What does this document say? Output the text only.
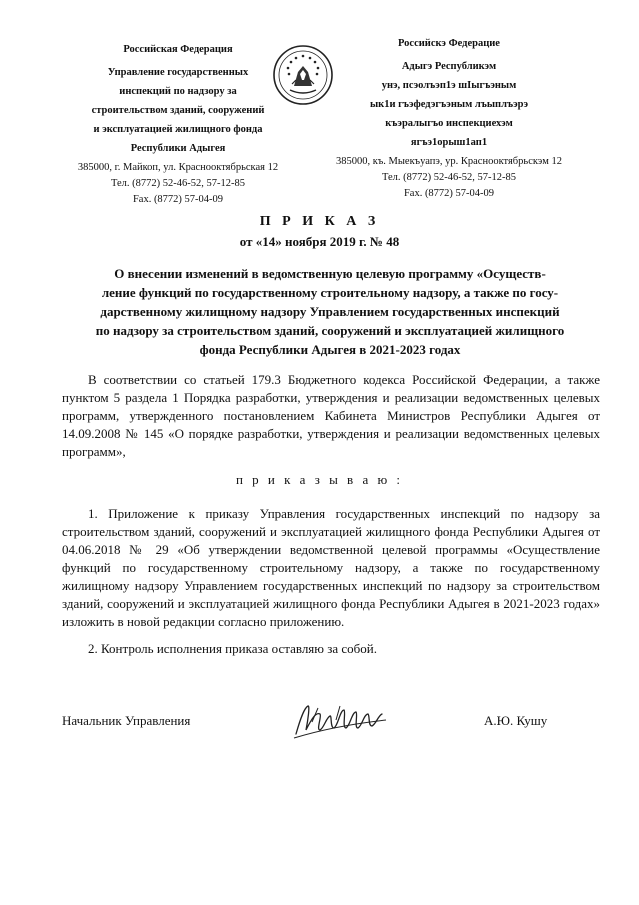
Российская Федерация
Управление государственных
инспекций по надзору за
строительством зданий, сооружений
и эксплуатацией жилищного фонда
Республики Адыгея
385000, г. Майкоп, ул. Краснооктябрьская 12
Тел. (8772) 52-46-52, 57-12-85
Fax. (8772) 57-04-09
Российскэ Федерацие
Адыгэ Республикэм
унэ, псэолъэп1э шIыгъэным
ык1и гъэфедэгъэным лъыплъэрэ
къэралыгъо инспекциехэм
ягъэ1орыш1ап1
385000, къ. Мыекъуапэ, ур. Краснооктябрьскэм 12
Тел. (8772) 52-46-52, 57-12-85
Fax. (8772) 57-04-09
П Р И К А З
от «14» ноября 2019 г. № 48
О внесении изменений в ведомственную целевую программу «Осуществ-
ление функций по государственному строительному надзору, а также по госу-
дарственному жилищному надзору Управлением государственных инспекций
по надзору за строительством зданий, сооружений и эксплуатацией жилищного
фонда Республики Адыгея в 2021-2023 годах
В соответствии со статьей 179.3 Бюджетного кодекса Российской Федерации, а также пунктом 5 раздела 1 Порядка разработки, утверждения и реализации ведомственных целевых программ, утвержденного постановлением Кабинета Министров Республики Адыгея от 14.09.2008 № 145 «О порядке разработки, утверждения и реализации ведомственных целевых программ»,
п р и к а з ы в а ю :
1. Приложение к приказу Управления государственных инспекций по надзору за строительством зданий, сооружений и эксплуатацией жилищного фонда Республики Адыгея от 04.06.2018 № 29 «Об утверждении ведомственной целевой программы «Осуществление функций по государственному строительному надзору, а также по государственному жилищному надзору Управлением государственных инспекций по надзору за строительством зданий, сооружений и эксплуатацией жилищного фонда Республики Адыгея в 2021-2023 годах» изложить в новой редакции согласно приложению.
2. Контроль исполнения приказа оставляю за собой.
Начальник Управления	А.Ю. Кушу
